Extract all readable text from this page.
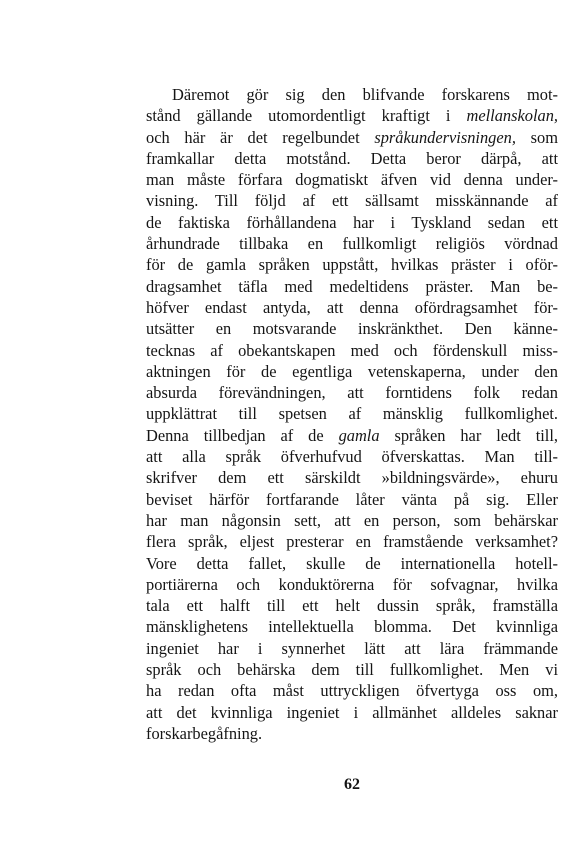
Däremot gör sig den blifvande forskarens mot-
stånd gällande utomordentligt kraftigt i mellanskolan,
och här är det regelbundet språkundervisningen, som
framkallar detta motstånd. Detta beror därpå, att
man måste förfara dogmatiskt äfven vid denna under-
visning. Till följd af ett sällsamt misskännande af
de faktiska förhållandena har i Tyskland sedan ett
århundrade tillbaka en fullkomligt religiös vördnad
för de gamla språken uppstått, hvilkas präster i oför-
dragsamhet täfla med medeltidens präster. Man be-
höfver endast antyda, att denna ofördragsamhet för-
utsätter en motsvarande inskränkthet. Den känne-
tecknas af obekantskapen med och fördenskull miss-
aktningen för de egentliga vetenskaperna, under den
absurda förevändningen, att forntidens folk redan
uppklättrat till spetsen af mänsklig fullkomlighet.
Denna tillbedjan af de gamla språken har ledt till,
att alla språk öfverhufvud öfverskattas. Man till-
skrifver dem ett särskildt »bildningsvärde», ehuru
beviset härför fortfarande låter vänta på sig. Eller
har man någonsin sett, att en person, som behärskar
flera språk, eljest presterar en framstående verksamhet?
Vore detta fallet, skulle de internationella hotell-
portiärerna och konduktörerna för sofvagnar, hvilka
tala ett halft till ett helt dussin språk, framställa
mänsklighetens intellektuella blomma. Det kvinnliga
ingeniet har i synnerhet lätt att lära främmande
språk och behärska dem till fullkomlighet. Men vi
ha redan ofta måst uttryckligen öfvertyga oss om,
att det kvinnliga ingeniet i allmänhet alldeles saknar
forskarbegåfning.
62
